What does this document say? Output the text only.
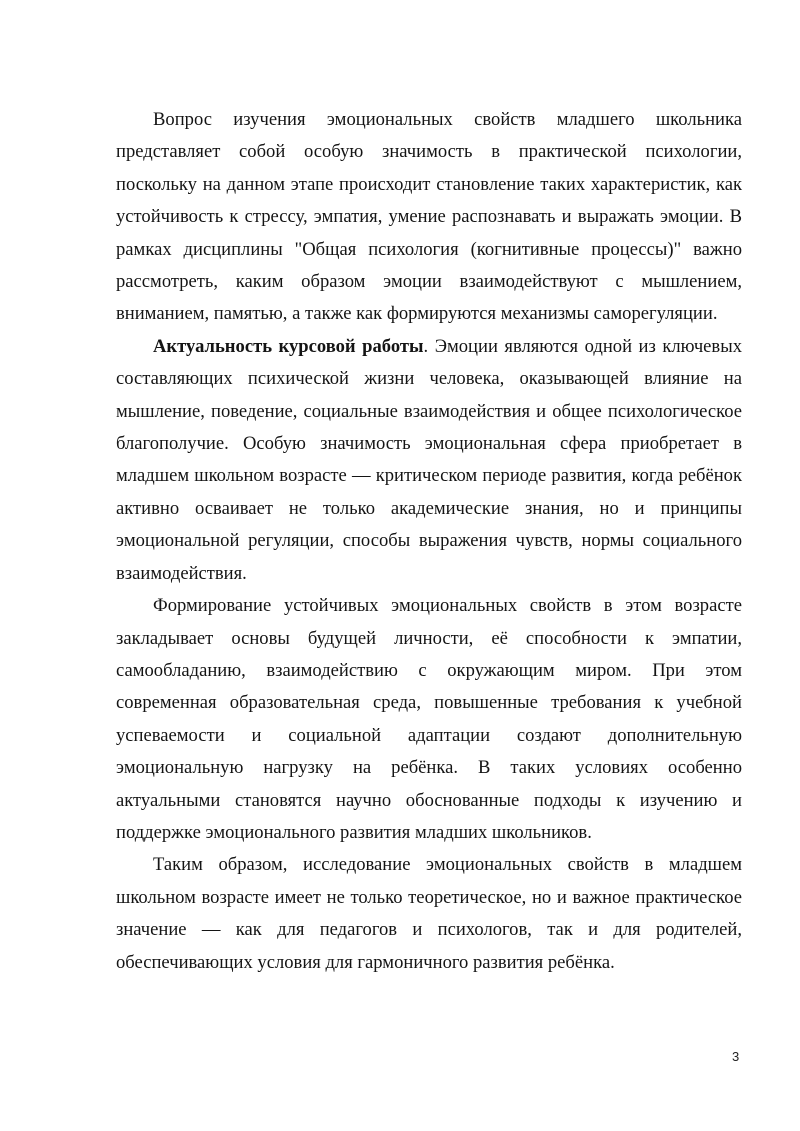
Вопрос изучения эмоциональных свойств младшего школьника представляет собой особую значимость в практической психологии, поскольку на данном этапе происходит становление таких характеристик, как устойчивость к стрессу, эмпатия, умение распознавать и выражать эмоции. В рамках дисциплины "Общая психология (когнитивные процессы)" важно рассмотреть, каким образом эмоции взаимодействуют с мышлением, вниманием, памятью, а также как формируются механизмы саморегуляции.

Актуальность курсовой работы. Эмоции являются одной из ключевых составляющих психической жизни человека, оказывающей влияние на мышление, поведение, социальные взаимодействия и общее психологическое благополучие. Особую значимость эмоциональная сфера приобретает в младшем школьном возрасте — критическом периоде развития, когда ребёнок активно осваивает не только академические знания, но и принципы эмоциональной регуляции, способы выражения чувств, нормы социального взаимодействия.

Формирование устойчивых эмоциональных свойств в этом возрасте закладывает основы будущей личности, её способности к эмпатии, самообладанию, взаимодействию с окружающим миром. При этом современная образовательная среда, повышенные требования к учебной успеваемости и социальной адаптации создают дополнительную эмоциональную нагрузку на ребёнка. В таких условиях особенно актуальными становятся научно обоснованные подходы к изучению и поддержке эмоционального развития младших школьников.

Таким образом, исследование эмоциональных свойств в младшем школьном возрасте имеет не только теоретическое, но и важное практическое значение — как для педагогов и психологов, так и для родителей, обеспечивающих условия для гармоничного развития ребёнка.

3
